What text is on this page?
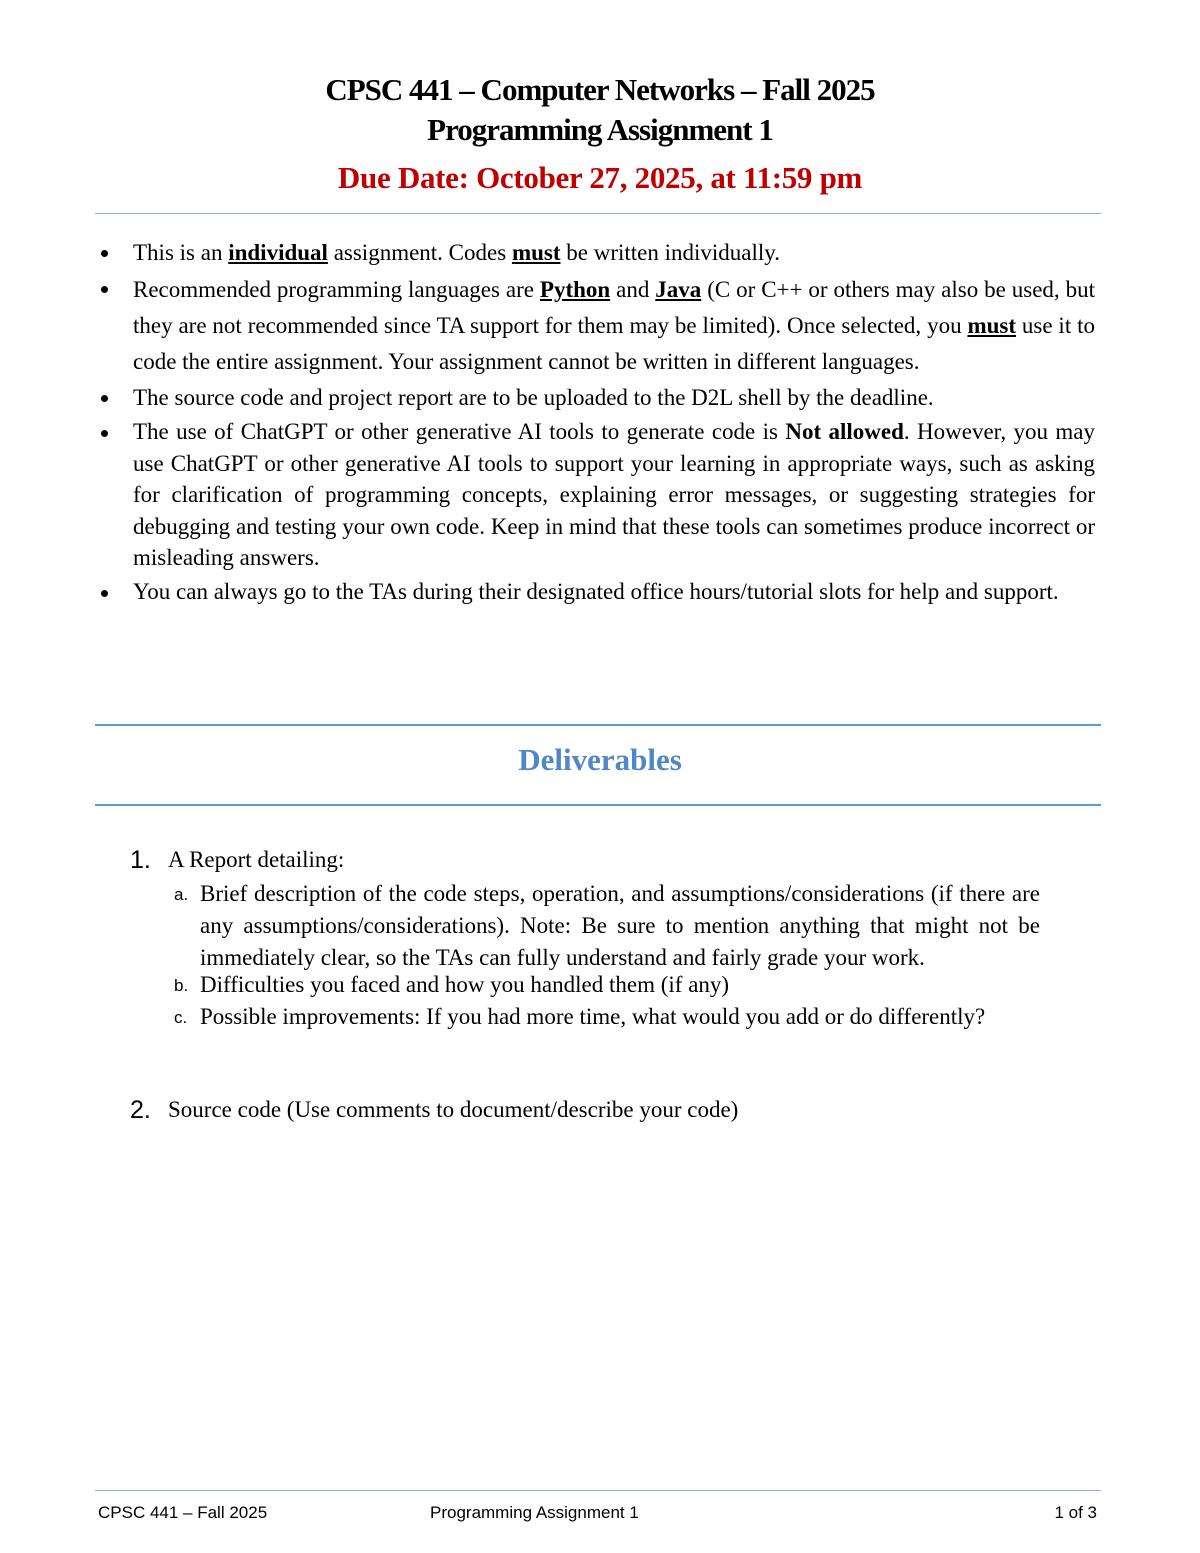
CPSC 441 – Computer Networks – Fall 2025
Programming Assignment 1
Due Date: October 27, 2025, at 11:59 pm
This is an individual assignment. Codes must be written individually.
Recommended programming languages are Python and Java (C or C++ or others may also be used, but they are not recommended since TA support for them may be limited). Once selected, you must use it to code the entire assignment. Your assignment cannot be written in different languages.
The source code and project report are to be uploaded to the D2L shell by the deadline.
The use of ChatGPT or other generative AI tools to generate code is Not allowed. However, you may use ChatGPT or other generative AI tools to support your learning in appropriate ways, such as asking for clarification of programming concepts, explaining error messages, or suggesting strategies for debugging and testing your own code. Keep in mind that these tools can sometimes produce incorrect or misleading answers.
You can always go to the TAs during their designated office hours/tutorial slots for help and support.
Deliverables
1. A Report detailing:
a. Brief description of the code steps, operation, and assumptions/considerations (if there are any assumptions/considerations). Note: Be sure to mention anything that might not be immediately clear, so the TAs can fully understand and fairly grade your work.
b. Difficulties you faced and how you handled them (if any)
c. Possible improvements: If you had more time, what would you add or do differently?
2. Source code (Use comments to document/describe your code)
CPSC 441 – Fall 2025	Programming Assignment 1	1 of 3
